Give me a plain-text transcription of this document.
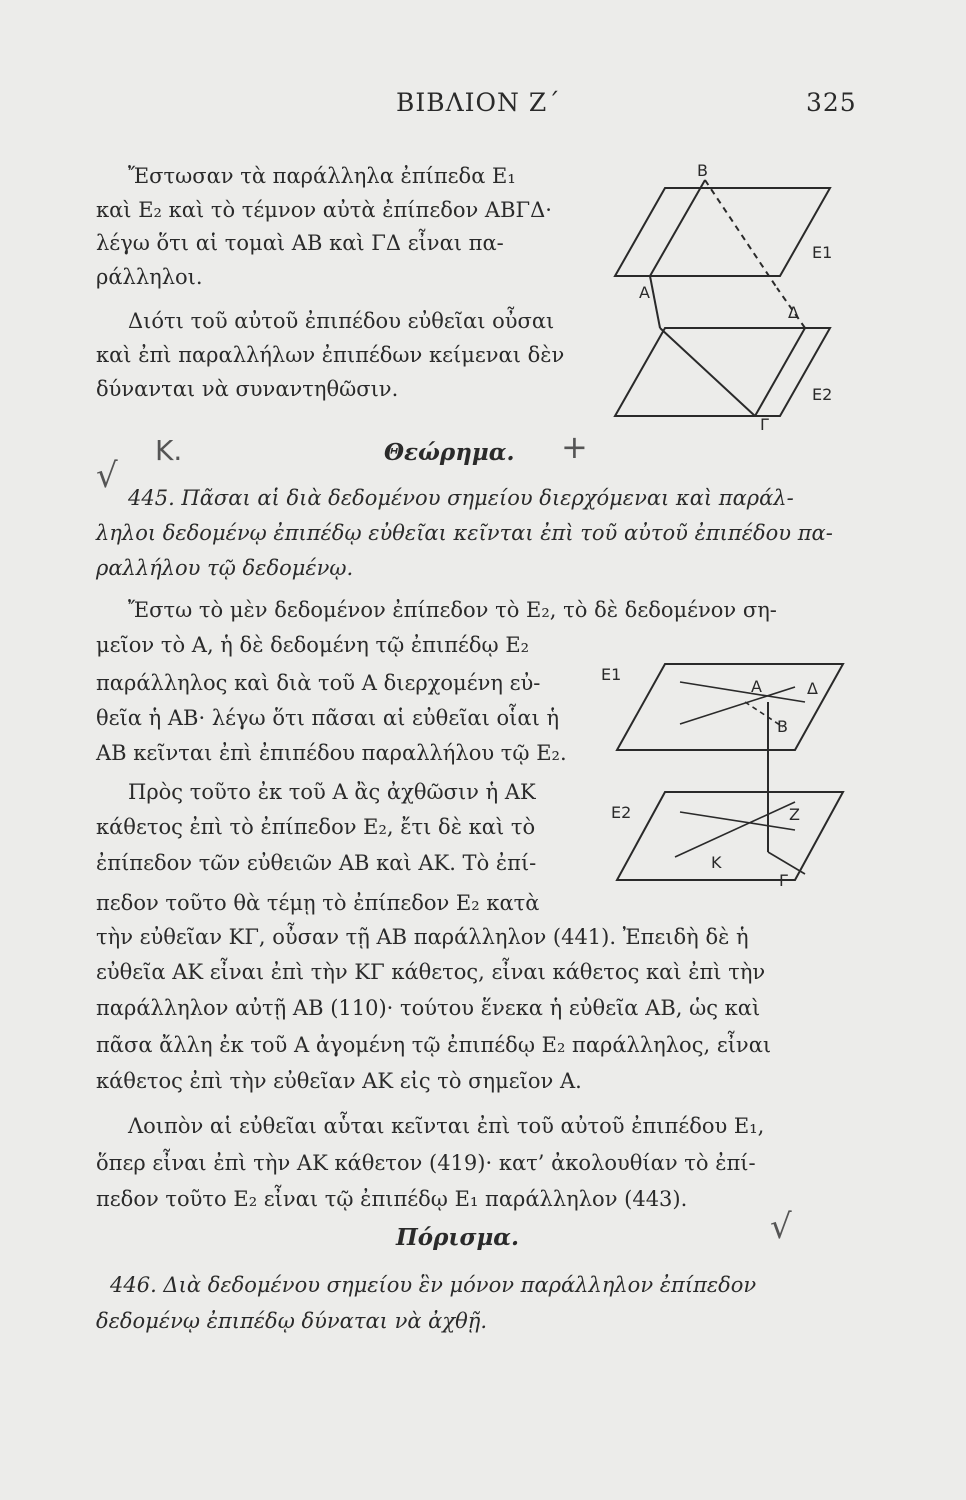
ΒΙΒΛΙΟΝ Ζ΄	325
Ἔστωσαν τὰ παράλληλα ἐπίπεδα Ε₁
καὶ Ε₂ καὶ τὸ τέμνον αὐτὰ ἐπίπεδον ΑΒΓΔ·
λέγω ὅτι αἱ τομαὶ ΑΒ καὶ ΓΔ εἶναι πα-
ράλληλοι.
Διότι τοῦ αὐτοῦ ἐπιπέδου εὐθεῖαι οὖσαι
καὶ ἐπὶ παραλλήλων ἐπιπέδων κείμεναι δὲν
δύνανται νὰ συναντηθῶσιν.
Β
Ε1
Α
Δ
Ε2
Γ
K.
√
Θεώρημα. +
445. Πᾶσαι αἱ διὰ δεδομένου σημείου διερχόμεναι καὶ παράλ-
ληλοι δεδομένῳ ἐπιπέδῳ εὐθεῖαι κεῖνται ἐπὶ τοῦ αὐτοῦ ἐπιπέδου πα-
ραλλήλου τῷ δεδομένῳ.
Ἔστω τὸ μὲν δεδομένον ἐπίπεδον τὸ Ε₂, τὸ δὲ δεδομένον ση-
μεῖον τὸ Α, ἡ δὲ δεδομένη τῷ ἐπιπέδῳ Ε₂
παράλληλος καὶ διὰ τοῦ Α διερχομένη εὐ-
θεῖα ἡ ΑΒ· λέγω ὅτι πᾶσαι αἱ εὐθεῖαι οἷαι ἡ
ΑΒ κεῖνται ἐπὶ ἐπιπέδου παραλλήλου τῷ Ε₂.
Πρὸς τοῦτο ἐκ τοῦ Α ἂς ἀχθῶσιν ἡ ΑΚ
κάθετος ἐπὶ τὸ ἐπίπεδον Ε₂, ἔτι δὲ καὶ τὸ
ἐπίπεδον τῶν εὐθειῶν ΑΒ καὶ ΑΚ. Τὸ ἐπί-
πεδον τοῦτο θὰ τέμῃ τὸ ἐπίπεδον Ε₂ κατὰ
τὴν εὐθεῖαν ΚΓ, οὖσαν τῇ ΑΒ παράλληλον (441). Ἐπειδὴ δὲ ἡ
εὐθεῖα ΑΚ εἶναι ἐπὶ τὴν ΚΓ κάθετος, εἶναι κάθετος καὶ ἐπὶ τὴν
παράλληλον αὐτῇ ΑΒ (110)· τούτου ἕνεκα ἡ εὐθεῖα ΑΒ, ὡς καὶ
πᾶσα ἄλλη ἐκ τοῦ Α ἀγομένη τῷ ἐπιπέδῳ Ε₂ παράλληλος, εἶναι
κάθετος ἐπὶ τὴν εὐθεῖαν ΑΚ εἰς τὸ σημεῖον Α.
Λοιπὸν αἱ εὐθεῖαι αὗται κεῖνται ἐπὶ τοῦ αὐτοῦ ἐπιπέδου Ε₁,
ὅπερ εἶναι ἐπὶ τὴν ΑΚ κάθετον (419)· κατ’ ἀκολουθίαν τὸ ἐπί-
πεδον τοῦτο Ε₂ εἶναι τῷ ἐπιπέδῳ Ε₁ παράλληλον (443).
Ε1
Α	Δ
Β
Ε2	Ζ
Κ
Γ
Πόρισμα.	√
446. Διὰ δεδομένου σημείου ἓν μόνον παράλληλον ἐπίπεδον
δεδομένῳ ἐπιπέδῳ δύναται νὰ ἀχθῇ.
